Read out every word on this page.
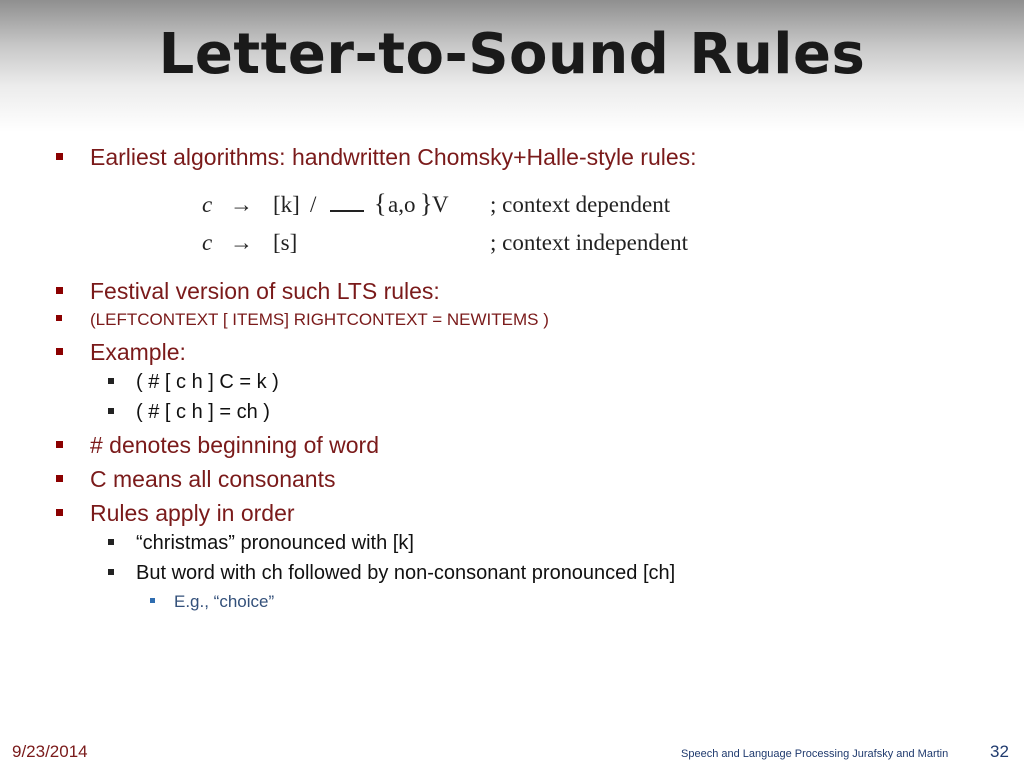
Letter-to-Sound Rules
Earliest algorithms: handwritten Chomsky+Halle-style rules:
c → [k] / { a,o } V ; context dependent
c → [s]	; context independent
Festival version of such LTS rules:
(LEFTCONTEXT [ ITEMS] RIGHTCONTEXT = NEWITEMS )
Example:
( # [ c h ] C = k )
( # [ c h ] = ch )
# denotes beginning of word
C means all consonants
Rules apply in order
“christmas” pronounced with [k]
But word with ch followed by non-consonant pronounced [ch]
E.g., “choice”
9/23/2014	Speech and Language Processing Jurafsky and Martin 32
